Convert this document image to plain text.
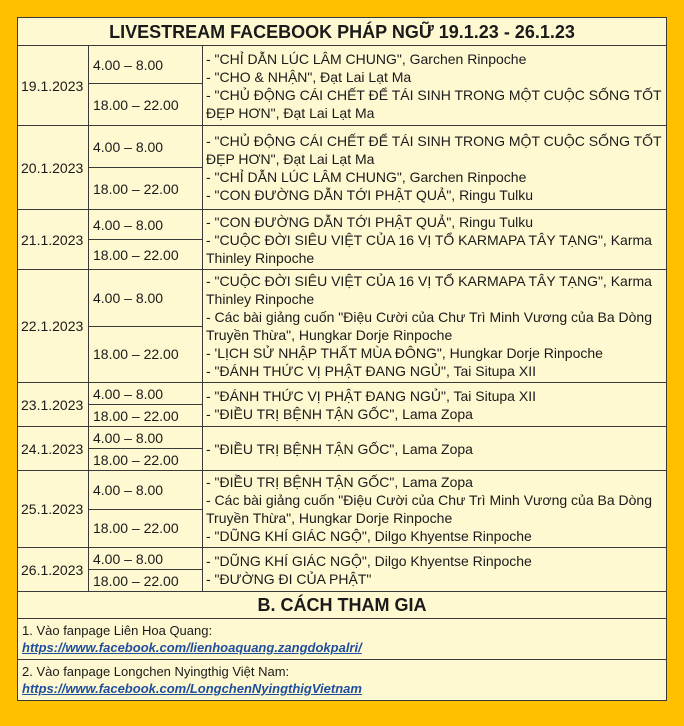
LIVESTREAM FACEBOOK PHÁP NGỮ 19.1.23 - 26.1.23		
19.1.2023	4.00 – 8.00	- "CHỈ DẪN LÚC LÂM CHUNG", Garchen Rinpoche
- "CHO & NHẬN", Đạt Lai Lạt Ma
- "CHỦ ĐỘNG CÁI CHẾT ĐỂ TÁI SINH TRONG MỘT CUỘC SỐNG TỐT ĐẸP HƠN", Đạt Lai Lạt Ma

	18.00 – 22.00	
20.1.2023	4.00 – 8.00	- "CHỦ ĐỘNG CÁI CHẾT ĐỂ TÁI SINH TRONG MỘT CUỘC SỐNG TỐT ĐẸP HƠN", Đạt Lai Lạt Ma
- "CHỈ DẪN LÚC LÂM CHUNG", Garchen Rinpoche
- "CON ĐƯỜNG DẪN TỚI PHẬT QUẢ", Ringu Tulku

	18.00 – 22.00	
21.1.2023	4.00 – 8.00	- "CON ĐƯỜNG DẪN TỚI PHẬT QUẢ", Ringu Tulku
- "CUỘC ĐỜI SIÊU VIỆT CỦA 16 VỊ TỔ KARMAPA TÂY TẠNG", Karma Thinley Rinpoche

	18.00 – 22.00	
22.1.2023	4.00 – 8.00	- "CUỘC ĐỜI SIÊU VIỆT CỦA 16 VỊ TỔ KARMAPA TÂY TẠNG", Karma Thinley Rinpoche
- Các bài giảng cuốn "Điệu Cười của Chư Trì Minh Vương của Ba Dòng Truyền Thừa", Hungkar Dorje Rinpoche
- 'LỊCH SỬ NHẬP THẤT MÙA ĐÔNG", Hungkar Dorje Rinpoche
- "ĐÁNH THỨC VỊ PHẬT ĐANG NGỦ", Tai Situpa XII

	18.00 – 22.00	
23.1.2023	4.00 – 8.00	- "ĐÁNH THỨC VỊ PHẬT ĐANG NGỦ", Tai Situpa XII
- "ĐIỀU TRỊ BỆNH TẬN GỐC", Lama Zopa

	18.00 – 22.00	
24.1.2023	4.00 – 8.00	- "ĐIỀU TRỊ BỆNH TẬN GỐC", Lama Zopa

	18.00 – 22.00	
25.1.2023	4.00 – 8.00	- "ĐIỀU TRỊ BỆNH TẬN GỐC", Lama Zopa
- Các bài giảng cuốn "Điệu Cười của Chư Trì Minh Vương của Ba Dòng Truyền Thừa", Hungkar Dorje Rinpoche
- "DŨNG KHÍ GIÁC NGỘ", Dilgo Khyentse Rinpoche

	18.00 – 22.00	
26.1.2023	4.00 – 8.00	- "DŨNG KHÍ GIÁC NGỘ", Dilgo Khyentse Rinpoche
- "ĐƯỜNG ĐI CỦA PHẬT"

	18.00 – 22.00	
B. CÁCH THAM GIA		

1. Vào fanpage Liên Hoa Quang:
https://www.facebook.com/lienhoaquang.zangdokpalri/		

2. Vào fanpage Longchen Nyingthig Việt Nam:
https://www.facebook.com/LongchenNyingthigVietnam		
